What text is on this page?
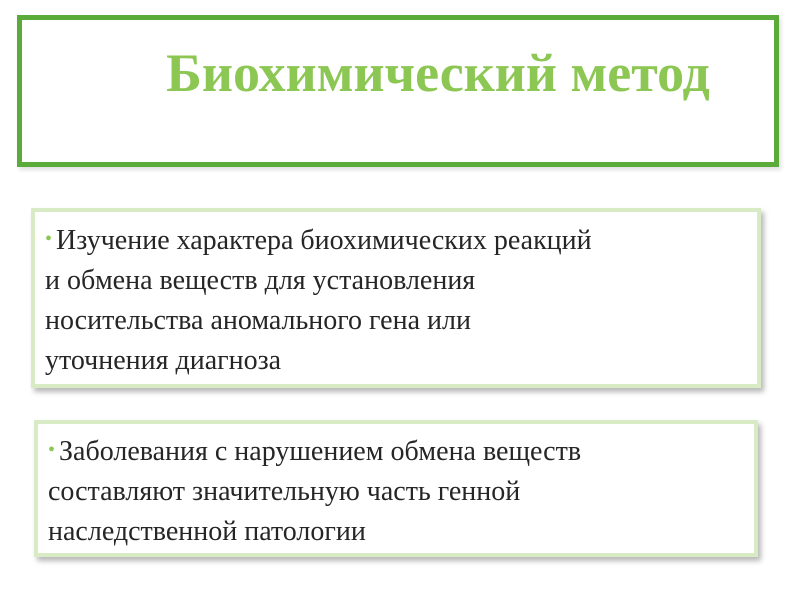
Биохимический метод
• Изучение характера биохимических реакций
и обмена веществ для установления
носительства аномального гена или
уточнения диагноза
• Заболевания с нарушением обмена веществ
составляют значительную часть генной
наследственной патологии
